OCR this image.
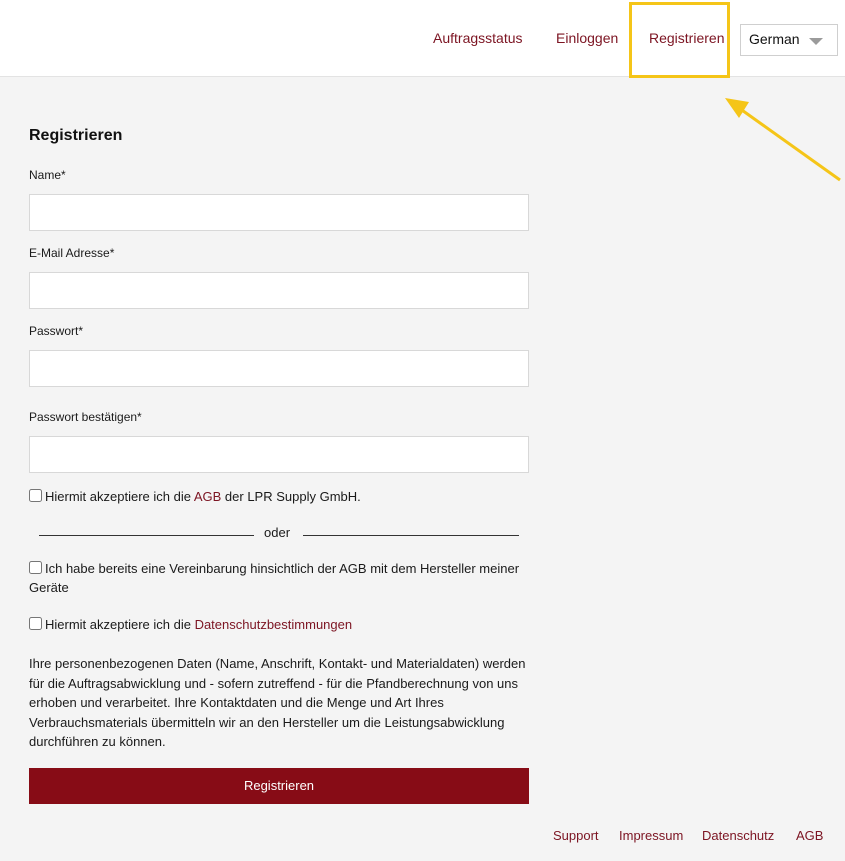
Auftragsstatus Einloggen Registrieren German
Registrieren
Name*
E-Mail Adresse*
Passwort*
Passwort bestätigen*
Hiermit akzeptiere ich die AGB der LPR Supply GmbH.
oder
Ich habe bereits eine Vereinbarung hinsichtlich der AGB mit dem Hersteller meiner Geräte
Hiermit akzeptiere ich die Datenschutzbestimmungen

Ihre personenbezogenen Daten (Name, Anschrift, Kontakt- und Materialdaten) werden für die Auftragsabwicklung und - sofern zutreffend - für die Pfandberechnung von uns erhoben und verarbeitet. Ihre Kontaktdaten und die Menge und Art Ihres Verbrauchsmaterials übermitteln wir an den Hersteller um die Leistungsabwicklung durchführen zu können.

Registrieren
Support Impressum Datenschutz AGB
